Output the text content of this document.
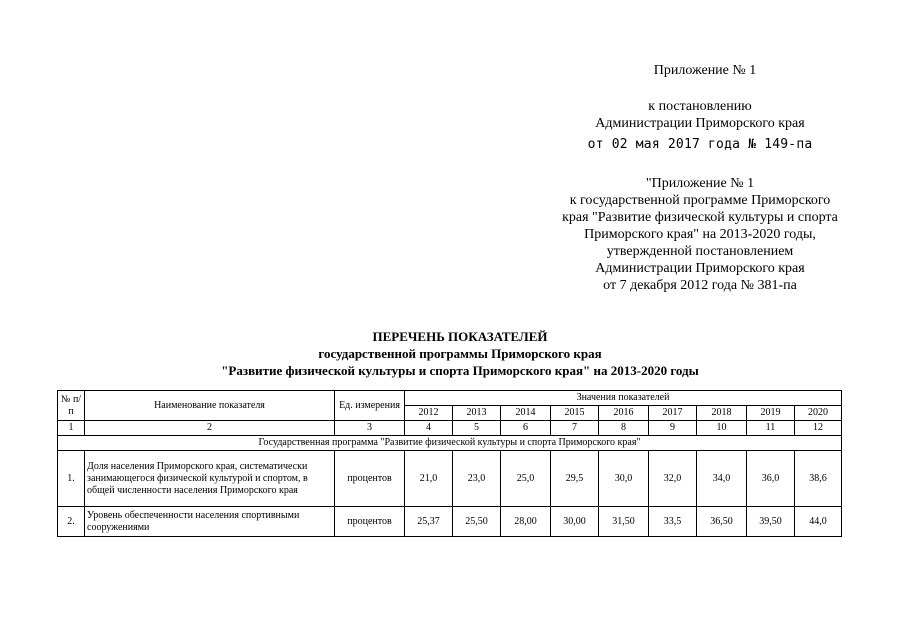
Приложение № 1
к постановлению
Администрации Приморского края
от 02 мая 2017 года № 149-па
"Приложение № 1
к государственной программе Приморского
края "Развитие физической культуры и спорта
Приморского края" на 2013-2020 годы,
утвержденной постановлением
Администрации Приморского края
от 7 декабря 2012 года № 381-па
ПЕРЕЧЕНЬ ПОКАЗАТЕЛЕЙ
государственной программы Приморского края
"Развитие физической культуры и спорта Приморского края" на 2013-2020 годы
№ п/п	Наименование показателя	Ед. измерения	Значения показателей								
			2012	2013	2014	2015	2016	2017	2018	2019	2020
1	2	3	4	5	6	7	8	9	10	11	12
Государственная программа "Развитие физической культуры и спорта Приморского края"											
1.	Доля населения Приморского края, систематически занимающегося физической культурой и спортом, в общей численности населения Приморского края	процентов	21,0	23,0	25,0	29,5	30,0	32,0	34,0	36,0	38,6
2.	Уровень обеспеченности населения спортивными сооружениями	процентов	25,37	25,50	28,00	30,00	31,50	33,5	36,50	39,50	44,0
